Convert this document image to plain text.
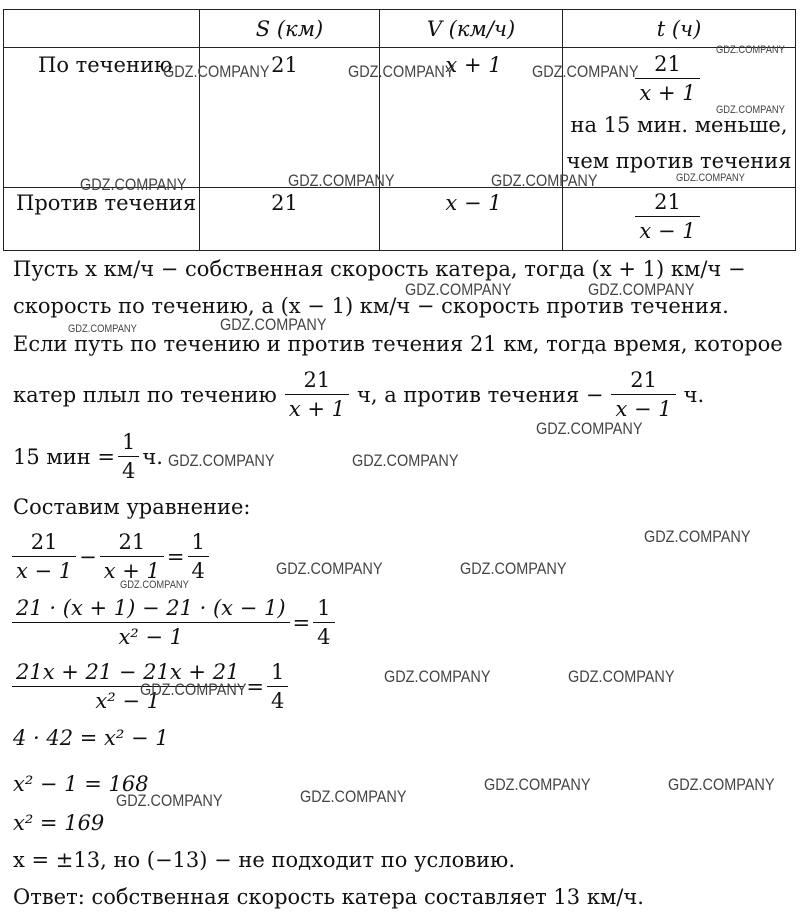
	S (км)	V (км/ч)	t (ч)

По течению	21	x + 1	$\frac{21}{x + 1}$
на 15 мин. меньше,
чем против течения

Против течения	21	x − 1	$\frac{21}{x - 1}$
Пусть x км/ч − собственная скорость катера, тогда (x + 1) км/ч −
скорость по течению, а (x − 1) км/ч − скорость против течения.
Если путь по течению и против течения 21 км, тогда время, которое
катер плыл по течению $\frac{21}{x + 1} ч$, а против течения − $\frac{21}{x - 1} ч$.
15 мин = $\frac{1}{4} ч$.
Составим уравнение:
$\frac{21}{x - 1} - \frac{21}{x + 1} = \frac{1}{4}$
$\frac{21 \cdot (x + 1) - 21 \cdot (x - 1)}{\text{x² − 1}} = \frac{1}{4}$
$\frac{21x + 21 - 21x + 21}{\text{x² − 1}} = \frac{1}{4}$
4 · 42 = x² − 1
x² − 1 = 168
x² = 169
x = ±13, но (−13) − не подходит по условию.
Ответ: собственная скорость катера составляет 13 км/ч.
GDZ.COMPANY	GDZ.COMPANY	GDZ.COMPANY
GDZ.COMPANY
GDZ.COMPANY
GDZ.COMPANY
GDZ.COMPANY	GDZ.COMPANY	GDZ.COMPANY
GDZ.COMPANY	GDZ.COMPANY
GDZ.COMPANY	GDZ.COMPANY
GDZ.COMPANY
GDZ.COMPANY	GDZ.COMPANY
GDZ.COMPANY
GDZ.COMPANY	GDZ.COMPANY
GDZ.COMPANY
GDZ.COMPANY
GDZ.COMPANY	GDZ.COMPANY
GDZ.COMPANY	GDZ.COMPANY
GDZ.COMPANY	GDZ.COMPANY
